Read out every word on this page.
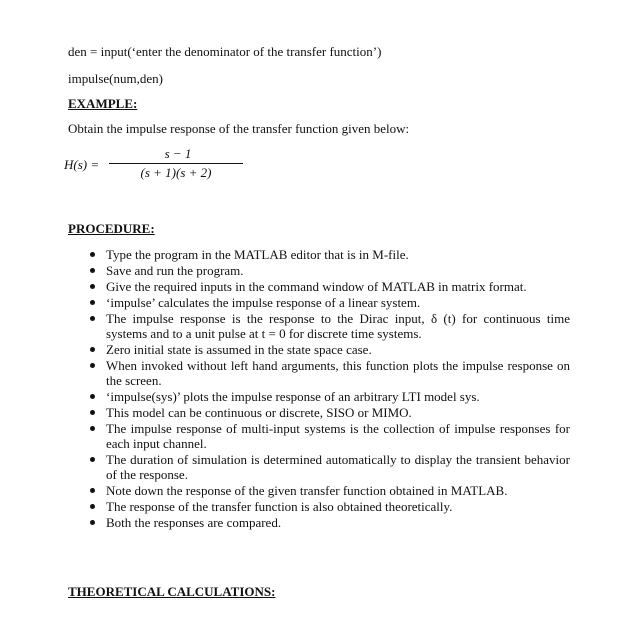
den = input(‘enter the denominator of the transfer function’)
impulse(num,den)
EXAMPLE:
Obtain the impulse response of the transfer function given below:
H(s) =
s − 1
(s + 1)(s + 2)
PROCEDURE:
Type the program in the MATLAB editor that is in M-file.
Save and run the program.
Give the required inputs in the command window of MATLAB in matrix format.
‘impulse’ calculates the impulse response of a linear system.
The impulse response is the response to the Dirac input, δ (t) for continuous time systems and to a unit pulse at t = 0 for discrete time systems.
Zero initial state is assumed in the state space case.
When invoked without left hand arguments, this function plots the impulse response on the screen.
‘impulse(sys)’ plots the impulse response of an arbitrary LTI model sys.
This model can be continuous or discrete, SISO or MIMO.
The impulse response of multi-input systems is the collection of impulse responses for each input channel.
The duration of simulation is determined automatically to display the transient behavior of the response.
Note down the response of the given transfer function obtained in MATLAB.
The response of the transfer function is also obtained theoretically.
Both the responses are compared.
THEORETICAL CALCULATIONS:
